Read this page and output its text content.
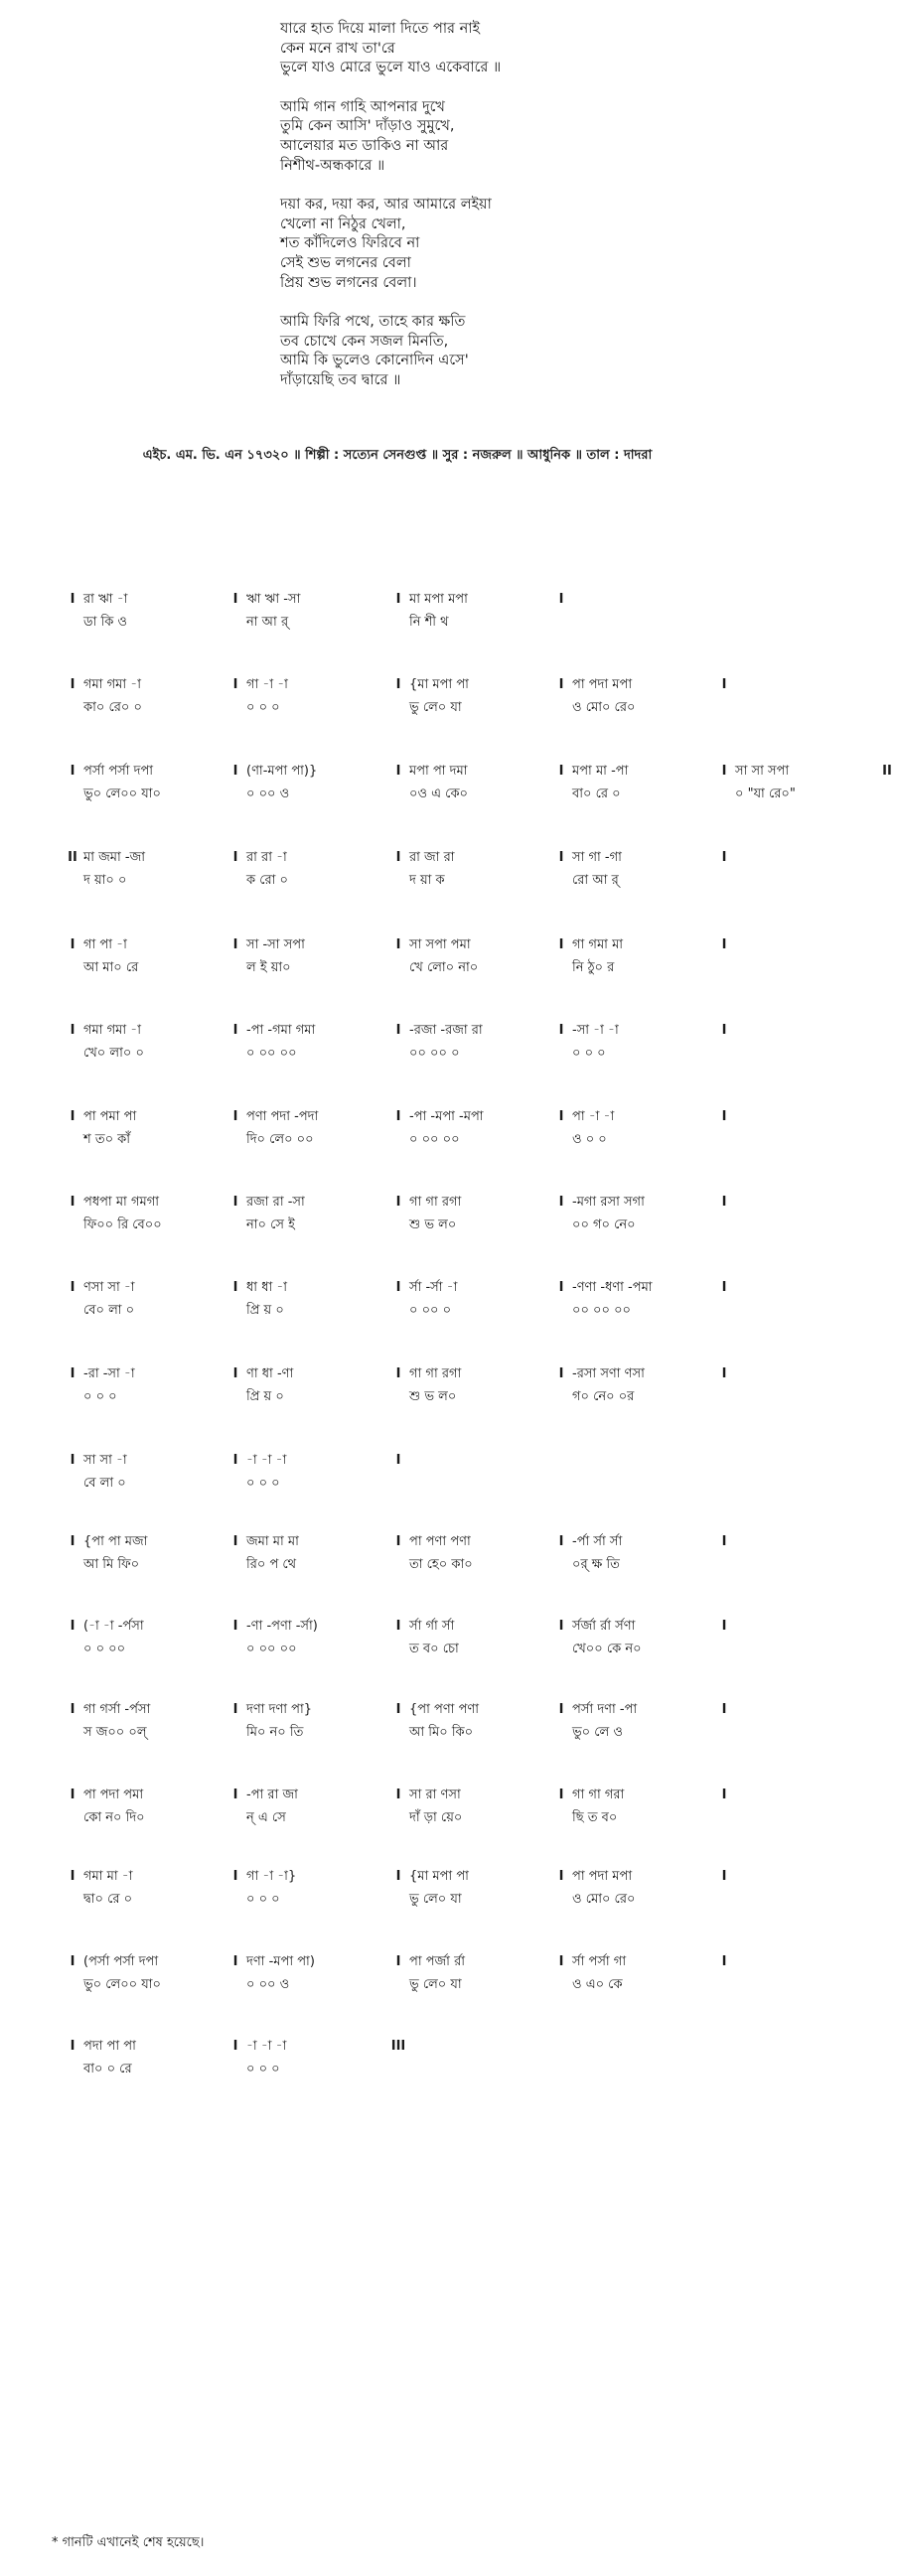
যারে হাত দিয়ে মালা দিতে পার নাই
কেন মনে রাখ তা'রে
ভুলে যাও মোরে ভুলে যাও একেবারে ॥
আমি গান গাহি আপনার দুখে
তুমি কেন আসি' দাঁড়াও সুমুখে,
আলেয়ার মত ডাকিও না আর
নিশীথ-অন্ধকারে ॥
দয়া কর, দয়া কর, আর আমারে লইয়া
খেলো না নিঠুর খেলা,
শত কাঁদিলেও ফিরিবে না
সেই শুভ লগনের বেলা
প্রিয় শুভ লগনের বেলা।
আমি ফিরি পথে, তাহে কার ক্ষতি
তব চোখে কেন সজল মিনতি,
আমি কি ভুলেও কোনোদিন এসে'
দাঁড়ায়েছি তব দ্বারে ॥
এইচ. এম. ভি. এন ১৭৩২০ ॥ শিল্পী : সত্যেন সেনগুপ্ত ॥ সুর : নজরুল ॥ আধুনিক ॥ তাল : দাদরা
I রা ঋা -া	I ঋা ঋা -সা	I মা মপা মপা	I
ডা কি ও	না আ র্	নি শী থ
I গমা গমা -া	I গা -া -া	I {মা মপা পা	I পা পদা মপা	I
কা০ রে০ ০	০ ০ ০	ভু লে০ যা	ও মো০ রে০
I পর্সা পর্সা দপা	I (ণা-মপা পা)}	I মপা পা দমা	I মপা মা -পা	I সা সা সপা	II
ভু০ লে০০ যা০	০ ০০ ও	০ও এ কে০	বা০ রে ০	০ "যা রে০"
II মা জমা -জা	I রা রা -া	I রা জা রা	I সা গা -গা	I
দ য়া০ ০	ক রো ০	দ য়া ক	রো আ র্
I গা পা -া	I সা -সা সপা	I সা সপা পমা	I গা গমা মা	I
আ মা০ রে	ল ই য়া০	খে লো০ না০	নি ঠু০ র
I গমা গমা -া	I -পা -গমা গমা	I -রজা -রজা রা	I -সা -া -া	I
খে০ লা০ ০	০ ০০ ০০	০০ ০০ ০	০ ০ ০
I পা পমা পা	I পণা পদা -পদা	I -পা -মপা -মপা	I পা -া -া	I
শ ত০ কাঁ	দি০ লে০ ০০	০ ০০ ০০	ও ০ ০
I পধপা মা গমগা	I রজা রা -সা	I গা গা রগা	I -মগা রসা সগা	I
ফি০০ রি বে০০	না০ সে ই	শু ভ ল০	০০ গ০ নে০
I ণসা সা -া	I ধা ধা -া	I র্সা -র্সা -া	I -ণণা -ধণা -পমা	I
বে০ লা ০	প্রি য় ০	০ ০০ ০	০০ ০০ ০০
I -রা -সা -া	I ণা ধা -ণা	I গা গা রগা	I -রসা সণা ণসা	I
০ ০ ০	প্রি য় ০	শু ভ ল০	গ০ নে০ ০র
I সা সা -া	I -া -া -া	I
বে লা ০	০ ০ ০
I {পা পা মজা	I জমা মা মা	I পা পণা পণা	I -র্পা র্সা র্সা	I
আ মি ফি০	রি০ প থে	তা হে০ কা০	০র্ ক্ষ তি
I (-া -া -র্পসা	I -ণা -পণা -র্সা)	I র্সা র্গা র্সা	I র্সর্জা র্রা র্সণা	I
০ ০ ০০	০ ০০ ০০	ত ব০ চো	খে০০ কে ন০
I গা গর্সা -র্পসা	I দণা দণা পা}	I {পা পণা পণা	I পর্সা দণা -পা	I
স জ০০ ০ল্	মি০ ন০ তি	আ মি০ কি০	ভু০ লে ও
I পা পদা পমা	I -পা রা জা	I সা রা ণসা	I গা গা গরা	I
কো ন০ দি০	ন্ এ সে	দাঁ ড়া য়ে০	ছি ত ব০
I গমা মা -া	I গা -া -া}	I {মা মপা পা	I পা পদা মপা	I
দ্বা০ রে ০	০ ০ ০	ভু লে০ যা	ও মো০ রে০
I (পর্সা পর্সা দপা	I দণা -মপা পা)	I পা পর্জা র্রা	I র্সা পর্সা গা	I
ভু০ লে০০ যা০	০ ০০ ও	ভু লে০ যা	ও এ০ কে
I পদা পা পা	I -া -া -া	III
বা০ ০ রে	০ ০ ০
* গানটি এখানেই শেষ হয়েছে।
